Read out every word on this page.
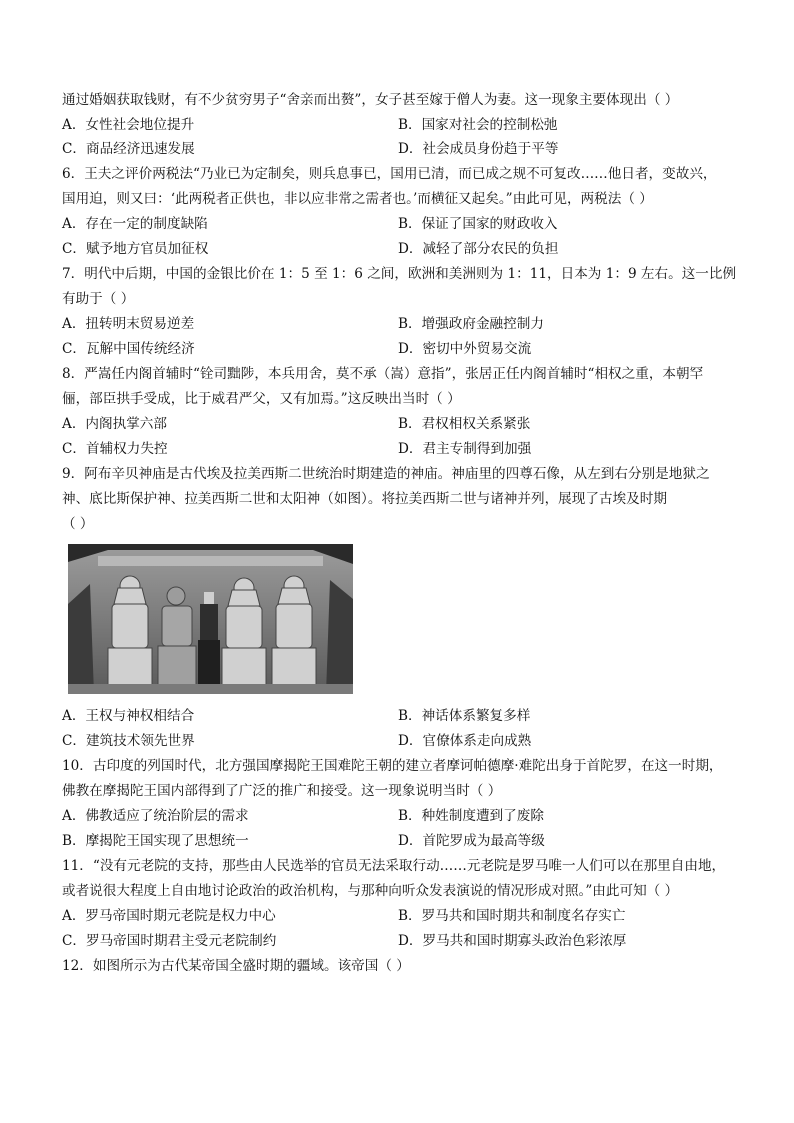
通过婚姻获取钱财，有不少贫穷男子“舍亲而出赘”，女子甚至嫁于僧人为妻。这一现象主要体现出（ ）
A．女性社会地位提升	B．国家对社会的控制松弛
C．商品经济迅速发展	D．社会成员身份趋于平等
6．王夫之评价两税法“乃业已为定制矣，则兵息事已，国用已清，而已成之规不可复改……他日者，变故兴，
国用迫，则又曰：‘此两税者正供也，非以应非常之需者也。’而横征又起矣。”由此可见，两税法（ ）
A．存在一定的制度缺陷	B．保证了国家的财政收入
C．赋予地方官员加征权	D．减轻了部分农民的负担
7．明代中后期，中国的金银比价在 1：5 至 1：6 之间，欧洲和美洲则为 1：11，日本为 1：9 左右。这一比例
有助于（ ）
A．扭转明末贸易逆差	B．增强政府金融控制力
C．瓦解中国传统经济	D．密切中外贸易交流
8．严嵩任内阁首辅时“铨司黜陟，本兵用舍，莫不承（嵩）意指”，张居正任内阁首辅时“相权之重，本朝罕
俪，部臣拱手受成，比于威君严父，又有加焉。”这反映出当时（ ）
A．内阁执掌六部	B．君权相权关系紧张
C．首辅权力失控	D．君主专制得到加强
9．阿布辛贝神庙是古代埃及拉美西斯二世统治时期建造的神庙。神庙里的四尊石像，从左到右分别是地狱之
神、底比斯保护神、拉美西斯二世和太阳神（如图）。将拉美西斯二世与诸神并列，展现了古埃及时期
（ ）
A．王权与神权相结合	B．神话体系繁复多样
C．建筑技术领先世界	D．官僚体系走向成熟
10．古印度的列国时代，北方强国摩揭陀王国难陀王朝的建立者摩诃帕德摩·难陀出身于首陀罗，在这一时期，
佛教在摩揭陀王国内部得到了广泛的推广和接受。这一现象说明当时（ ）
A．佛教适应了统治阶层的需求	B．种姓制度遭到了废除
B．摩揭陀王国实现了思想统一	D．首陀罗成为最高等级
11．“没有元老院的支持，那些由人民选举的官员无法采取行动……元老院是罗马唯一人们可以在那里自由地，
或者说很大程度上自由地讨论政治的政治机构，与那种向听众发表演说的情况形成对照。”由此可知（ ）
A．罗马帝国时期元老院是权力中心	B．罗马共和国时期共和制度名存实亡
C．罗马帝国时期君主受元老院制约	D．罗马共和国时期寡头政治色彩浓厚
12．如图所示为古代某帝国全盛时期的疆域。该帝国（ ）
